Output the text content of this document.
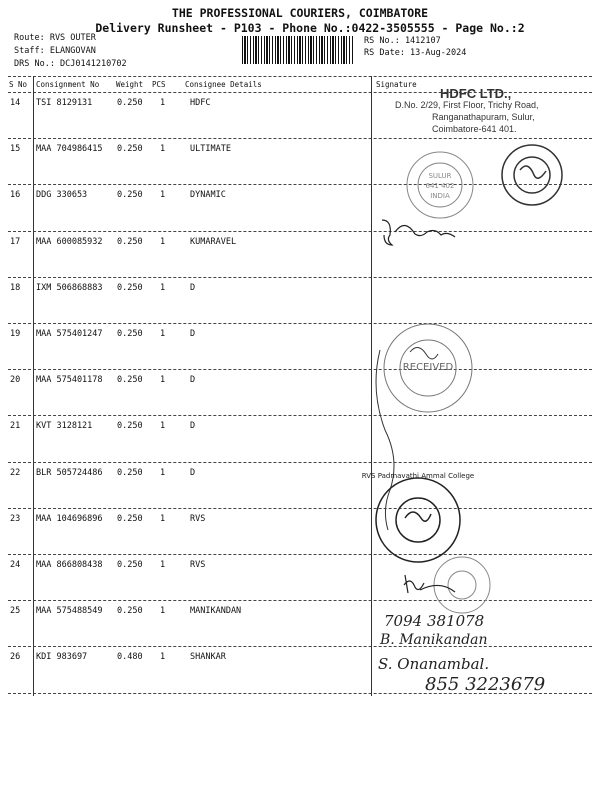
THE PROFESSIONAL COURIERS, COIMBATORE
Delivery Runsheet - P103 - Phone No.:0422-3505555 - Page No.:2
Route: RVS OUTER
Staff: ELANGOVAN
DRS No.: DCJ0141210702
RS No.: 1412107
RS Date: 13-Aug-2024
S No Consignment No Weight PCS	Consignee Details	Signature
14 TSI 8129131	0.250 1	HDFC
15 MAA 704986415 0.250 1	ULTIMATE
16 DDG 330653	0.250 1	DYNAMIC
17 MAA 600085932 0.250 1	KUMARAVEL
18 IXM 506868883 0.250 1	D
19 MAA 575401247 0.250 1	D
20 MAA 575401178 0.250 1	D
21 KVT 3128121	0.250 1	D
22 BLR 505724486 0.250 1	D
23 MAA 104696896 0.250 1	RVS
24 MAA 866808438 0.250 1	RVS
25 MAA 575488549 0.250 1	MANIKANDAN
26 KDI 983697	0.480 1	SHANKAR
HDFC LTD.,
D.No. 2/29, First Floor, Trichy Road,
Ranganathapuram, Sulur,
Coimbatore-641 401.
SULUR
641 402
INDIA
RECEIVED
RVS Padmavathi Ammal College
7094 381078
B. Manikandan
S. Onanambal.
855 3223679
